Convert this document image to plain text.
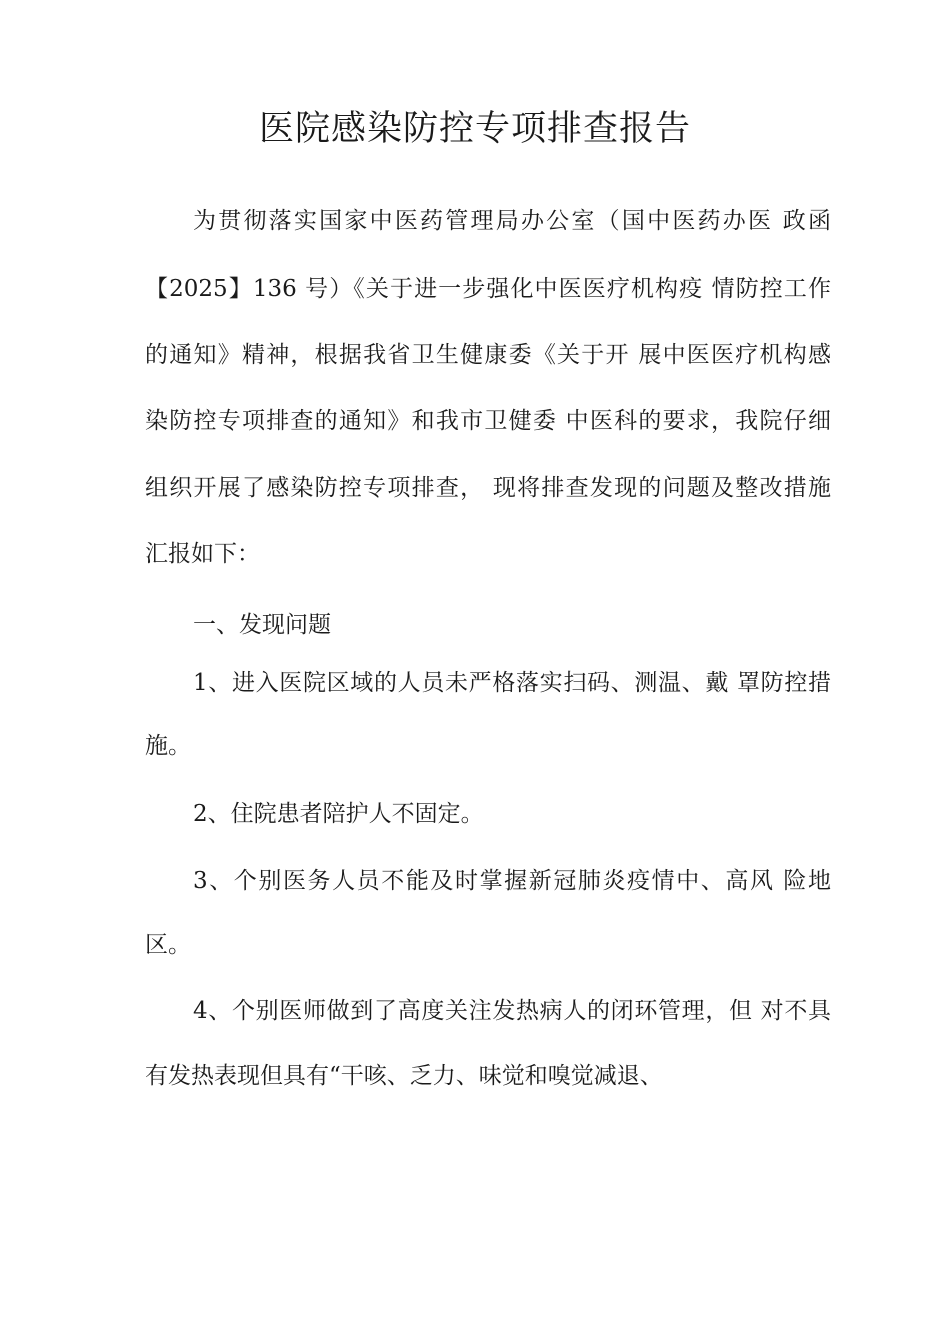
医院感染防控专项排查报告

为贯彻落实国家中医药管理局办公室（国中医药办医 政函

【2025】136 号）《关于进一步强化中医医疗机构疫 情防控工作

的通知》精神，根据我省卫生健康委《关于开 展中医医疗机构感

染防控专项排查的通知》和我市卫健委 中医科的要求，我院仔细

组织开展了感染防控专项排查， 现将排查发现的问题及整改措施

汇报如下：

一、发现问题

1、进入医院区域的人员未严格落实扫码、测温、戴 罩防控措

施。

2、住院患者陪护人不固定。

3、个别医务人员不能及时掌握新冠肺炎疫情中、高风 险地

区。

4、个别医师做到了高度关注发热病人的闭环管理，但 对不具

有发热表现但具有“干咳、乏力、味觉和嗅觉减退、
